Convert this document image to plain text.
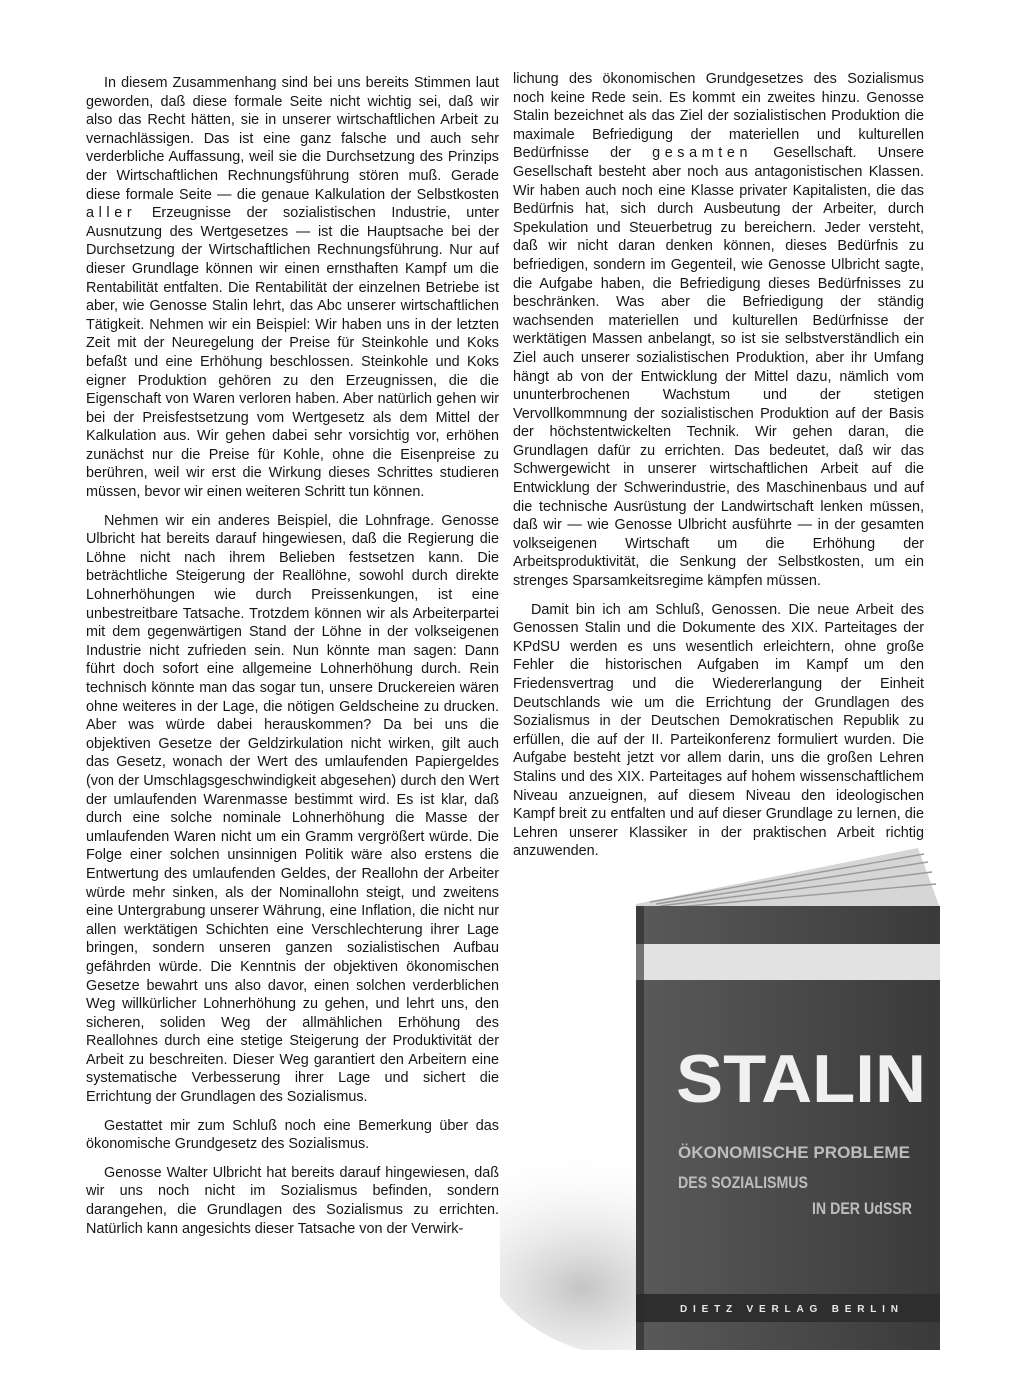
In diesem Zusammenhang sind bei uns bereits Stimmen laut geworden, daß diese formale Seite nicht wichtig sei, daß wir also das Recht hätten, sie in unserer wirtschaftlichen Arbeit zu vernachlässigen. Das ist eine ganz falsche und auch sehr verderbliche Auffassung, weil sie die Durchsetzung des Prinzips der Wirtschaftlichen Rechnungsführung stören muß. Gerade diese formale Seite — die genaue Kalkulation der Selbstkosten aller Erzeugnisse der sozialistischen Industrie, unter Ausnutzung des Wertgesetzes — ist die Hauptsache bei der Durchsetzung der Wirtschaftlichen Rechnungsführung. Nur auf dieser Grundlage können wir einen ernsthaften Kampf um die Rentabilität entfalten. Die Rentabilität der einzelnen Betriebe ist aber, wie Genosse Stalin lehrt, das Abc unserer wirtschaftlichen Tätigkeit. Nehmen wir ein Beispiel: Wir haben uns in der letzten Zeit mit der Neuregelung der Preise für Steinkohle und Koks befaßt und eine Erhöhung beschlossen. Steinkohle und Koks eigner Produktion gehören zu den Erzeugnissen, die die Eigenschaft von Waren verloren haben. Aber natürlich gehen wir bei der Preisfestsetzung vom Wertgesetz als dem Mittel der Kalkulation aus. Wir gehen dabei sehr vorsichtig vor, erhöhen zunächst nur die Preise für Kohle, ohne die Eisenpreise zu berühren, weil wir erst die Wirkung dieses Schrittes studieren müssen, bevor wir einen weiteren Schritt tun können.

Nehmen wir ein anderes Beispiel, die Lohnfrage. Genosse Ulbricht hat bereits darauf hingewiesen, daß die Regierung die Löhne nicht nach ihrem Belieben festsetzen kann. Die beträchtliche Steigerung der Reallöhne, sowohl durch direkte Lohnerhöhungen wie durch Preissenkungen, ist eine unbestreitbare Tatsache. Trotzdem können wir als Arbeiterpartei mit dem gegenwärtigen Stand der Löhne in der volkseigenen Industrie nicht zufrieden sein. Nun könnte man sagen: Dann führt doch sofort eine allgemeine Lohnerhöhung durch. Rein technisch könnte man das sogar tun, unsere Druckereien wären ohne weiteres in der Lage, die nötigen Geldscheine zu drucken. Aber was würde dabei herauskommen? Da bei uns die objektiven Gesetze der Geldzirkulation nicht wirken, gilt auch das Gesetz, wonach der Wert des umlaufenden Papiergeldes (von der Umschlagsgeschwindigkeit abgesehen) durch den Wert der umlaufenden Warenmasse bestimmt wird. Es ist klar, daß durch eine solche nominale Lohnerhöhung die Masse der umlaufenden Waren nicht um ein Gramm vergrößert würde. Die Folge einer solchen unsinnigen Politik wäre also erstens die Entwertung des umlaufenden Geldes, der Reallohn der Arbeiter würde mehr sinken, als der Nominallohn steigt, und zweitens eine Untergrabung unserer Währung, eine Inflation, die nicht nur allen werktätigen Schichten eine Verschlechterung ihrer Lage bringen, sondern unseren ganzen sozialistischen Aufbau gefährden würde. Die Kenntnis der objektiven ökonomischen Gesetze bewahrt uns also davor, einen solchen verderblichen Weg willkürlicher Lohnerhöhung zu gehen, und lehrt uns, den sicheren, soliden Weg der allmählichen Erhöhung des Reallohnes durch eine stetige Steigerung der Produktivität der Arbeit zu beschreiten. Dieser Weg garantiert den Arbeitern eine systematische Verbesserung ihrer Lage und sichert die Errichtung der Grundlagen des Sozialismus.

Gestattet mir zum Schluß noch eine Bemerkung über das ökonomische Grundgesetz des Sozialismus.

Genosse Walter Ulbricht hat bereits darauf hingewiesen, daß wir uns noch nicht im Sozialismus befinden, sondern darangehen, die Grundlagen des Sozialismus zu errichten. Natürlich kann angesichts dieser Tatsache von der Verwirk-

lichung des ökonomischen Grundgesetzes des Sozialismus noch keine Rede sein. Es kommt ein zweites hinzu. Genosse Stalin bezeichnet als das Ziel der sozialistischen Produktion die maximale Befriedigung der materiellen und kulturellen Bedürfnisse der gesamten Gesellschaft. Unsere Gesellschaft besteht aber noch aus antagonistischen Klassen. Wir haben auch noch eine Klasse privater Kapitalisten, die das Bedürfnis hat, sich durch Ausbeutung der Arbeiter, durch Spekulation und Steuerbetrug zu bereichern. Jeder versteht, daß wir nicht daran denken können, dieses Bedürfnis zu befriedigen, sondern im Gegenteil, wie Genosse Ulbricht sagte, die Aufgabe haben, die Befriedigung dieses Bedürfnisses zu beschränken. Was aber die Befriedigung der ständig wachsenden materiellen und kulturellen Bedürfnisse der werktätigen Massen anbelangt, so ist sie selbstverständlich ein Ziel auch unserer sozialistischen Produktion, aber ihr Umfang hängt ab von der Entwicklung der Mittel dazu, nämlich vom ununterbrochenen Wachstum und der stetigen Vervollkommnung der sozialistischen Produktion auf der Basis der höchstentwickelten Technik. Wir gehen daran, die Grundlagen dafür zu errichten. Das bedeutet, daß wir das Schwergewicht in unserer wirtschaftlichen Arbeit auf die Entwicklung der Schwerindustrie, des Maschinenbaus und auf die technische Ausrüstung der Landwirtschaft lenken müssen, daß wir — wie Genosse Ulbricht ausführte — in der gesamten volkseigenen Wirtschaft um die Erhöhung der Arbeitsproduktivität, die Senkung der Selbstkosten, um ein strenges Sparsamkeitsregime kämpfen müssen.

Damit bin ich am Schluß, Genossen. Die neue Arbeit des Genossen Stalin und die Dokumente des XIX. Parteitages der KPdSU werden es uns wesentlich erleichtern, ohne große Fehler die historischen Aufgaben im Kampf um den Friedensvertrag und die Wiedererlangung der Einheit Deutschlands wie um die Errichtung der Grundlagen des Sozialismus in der Deutschen Demokratischen Republik zu erfüllen, die auf der II. Parteikonferenz formuliert wurden. Die Aufgabe besteht jetzt vor allem darin, uns die großen Lehren Stalins und des XIX. Parteitages auf hohem wissenschaftlichem Niveau anzueignen, auf diesem Niveau den ideologischen Kampf breit zu entfalten und auf dieser Grundlage zu lernen, die Lehren unserer Klassiker in der praktischen Arbeit richtig anzuwenden.

STALIN
ÖKONOMISCHE PROBLEME
DES SOZIALISMUS
IN DER UdSSR
DIETZ VERLAG BERLIN
